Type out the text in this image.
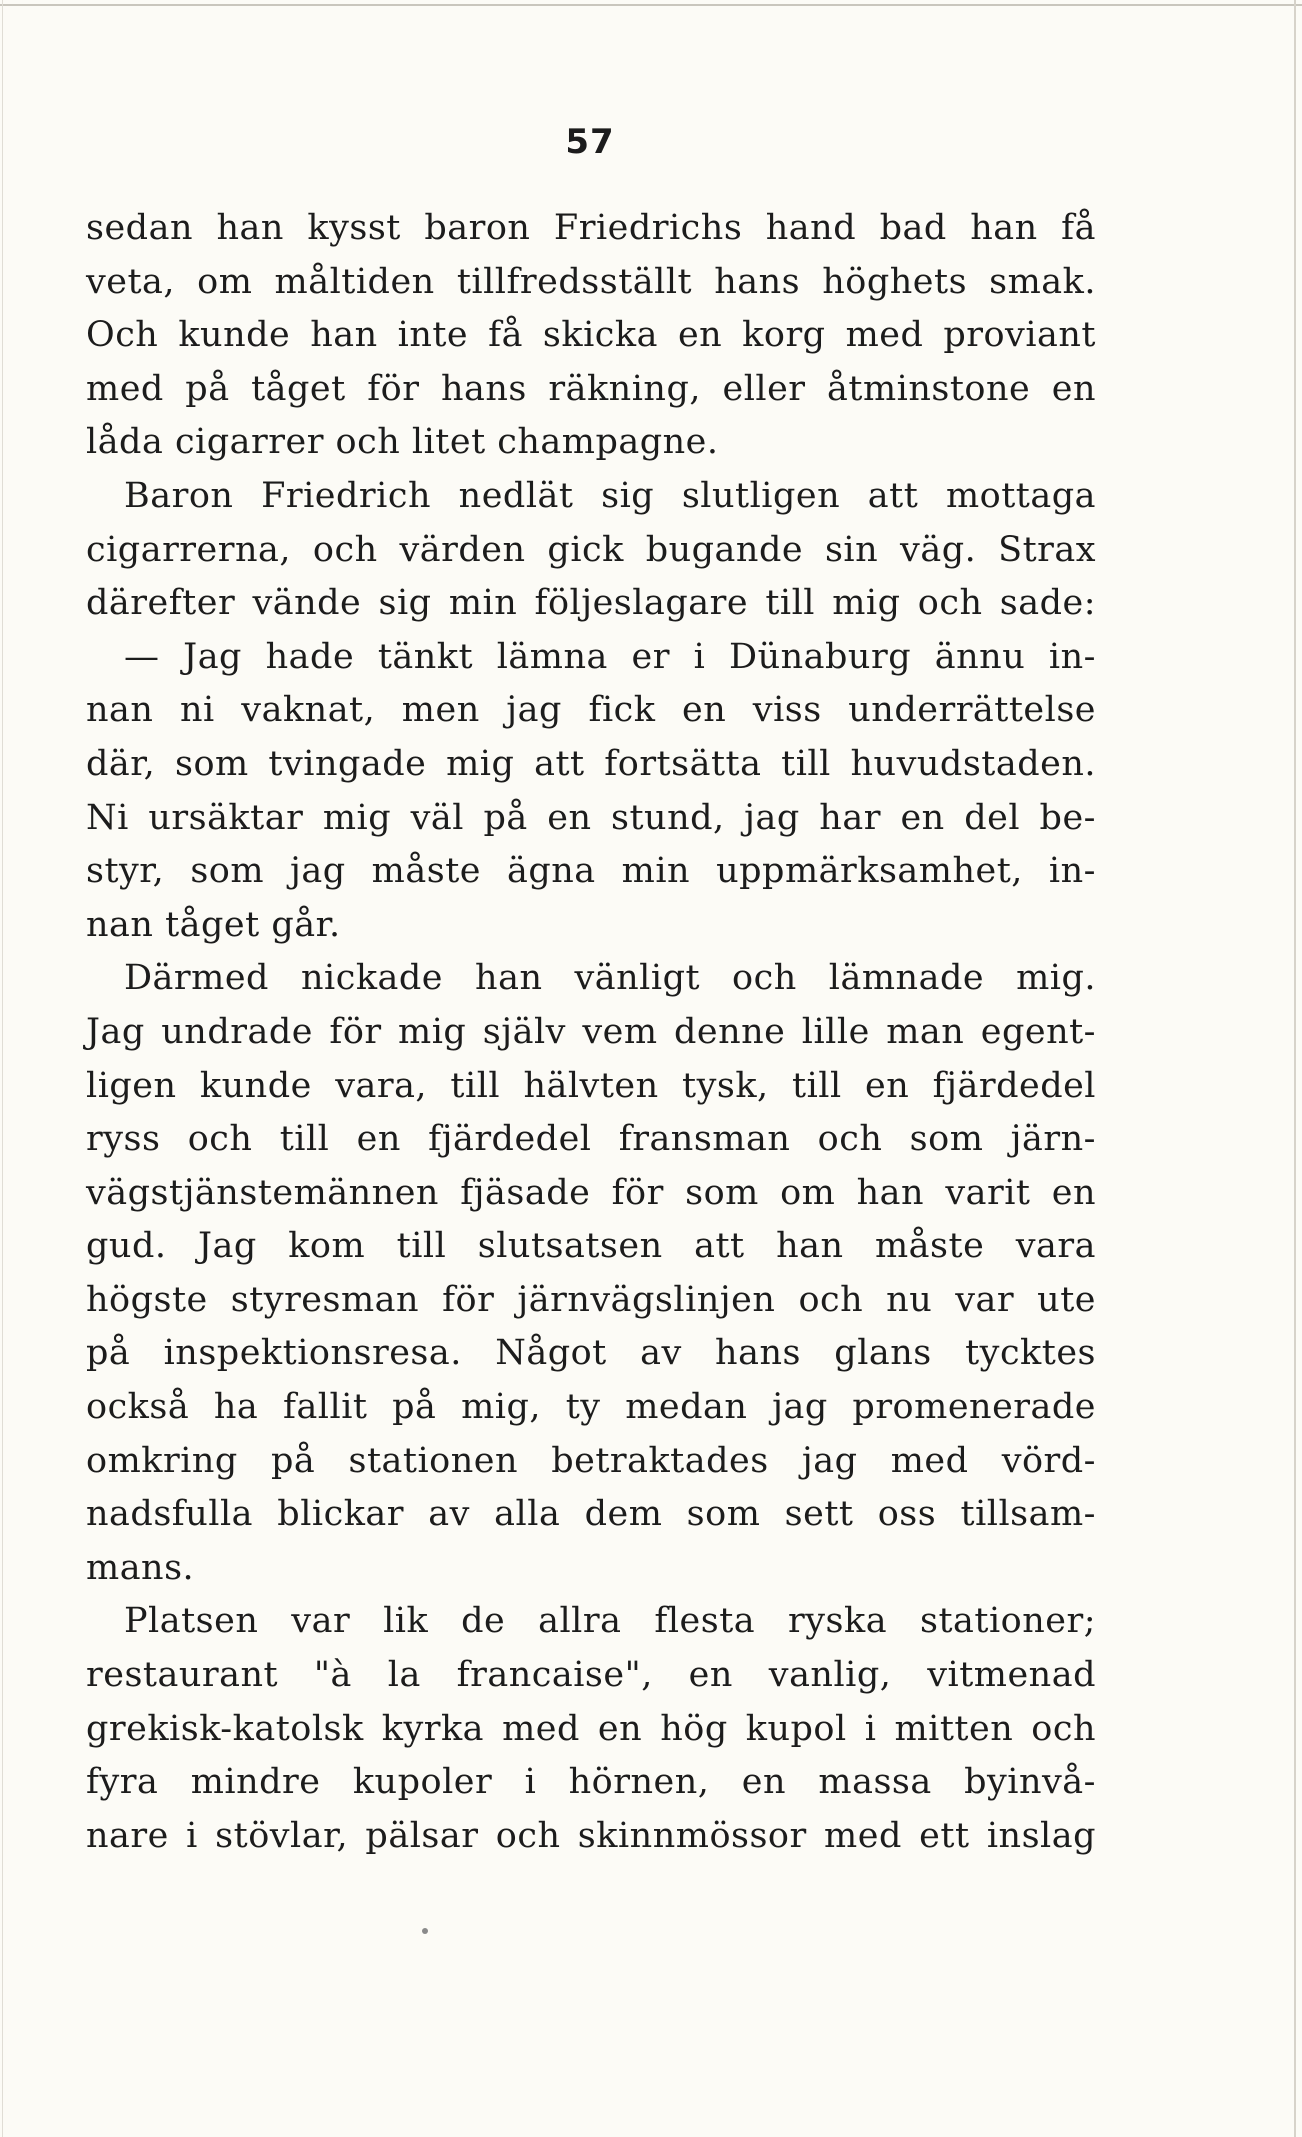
57
sedan han kysst baron Friedrichs hand bad han få
veta, om måltiden tillfredsställt hans höghets smak.
Och kunde han inte få skicka en korg med proviant
med på tåget för hans räkning, eller åtminstone en
låda cigarrer och litet champagne.
Baron Friedrich nedlät sig slutligen att mottaga
cigarrerna, och värden gick bugande sin väg. Strax
därefter vände sig min följeslagare till mig och sade:
— Jag hade tänkt lämna er i Dünaburg ännu in-
nan ni vaknat, men jag fick en viss underrättelse
där, som tvingade mig att fortsätta till huvudstaden.
Ni ursäktar mig väl på en stund, jag har en del be-
styr, som jag måste ägna min uppmärksamhet, in-
nan tåget går.
Därmed nickade han vänligt och lämnade mig.
Jag undrade för mig själv vem denne lille man egent-
ligen kunde vara, till hälvten tysk, till en fjärdedel
ryss och till en fjärdedel fransman och som järn-
vägstjänstemännen fjäsade för som om han varit en
gud. Jag kom till slutsatsen att han måste vara
högste styresman för järnvägslinjen och nu var ute
på inspektionsresa. Något av hans glans tycktes
också ha fallit på mig, ty medan jag promenerade
omkring på stationen betraktades jag med vörd-
nadsfulla blickar av alla dem som sett oss tillsam-
mans.
Platsen var lik de allra flesta ryska stationer;
restaurant "à la francaise", en vanlig, vitmenad
grekisk-katolsk kyrka med en hög kupol i mitten och
fyra mindre kupoler i hörnen, en massa byinvå-
nare i stövlar, pälsar och skinnmössor med ett inslag
